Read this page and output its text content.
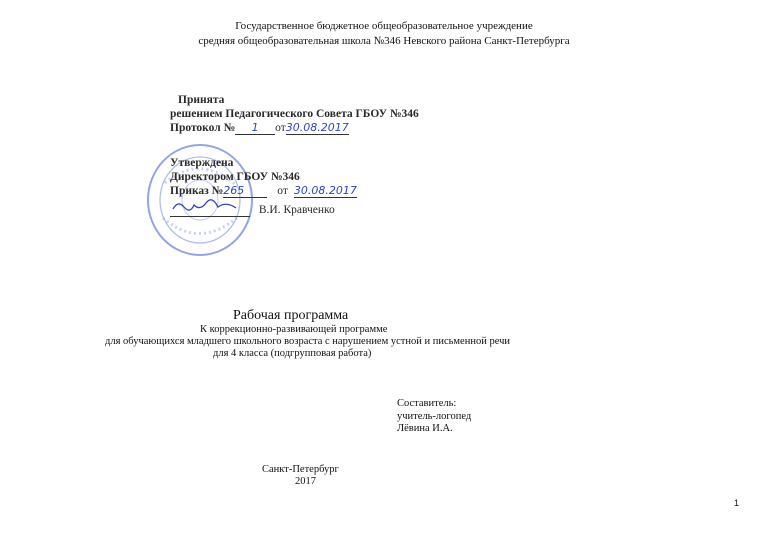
Государственное бюджетное общеобразовательное учреждение
средняя общеобразовательная школа №346 Невского района Санкт-Петербурга
Принята
решением Педагогического Совета ГБОУ №346
Протокол № 1 от30.08.2017
Утверждена
Директором ГБОУ №346
Приказ №265	от 30.08.2017
В.И. Кравченко
Рабочая программа
К коррекционно-развивающей программе
для обучающихся младшего школьного возраста с нарушением устной и письменной речи
для 4 класса (подгрупповая работа)
Составитель:
учитель-логопед
Лёвина И.А.
Санкт-Петербург
2017
1
